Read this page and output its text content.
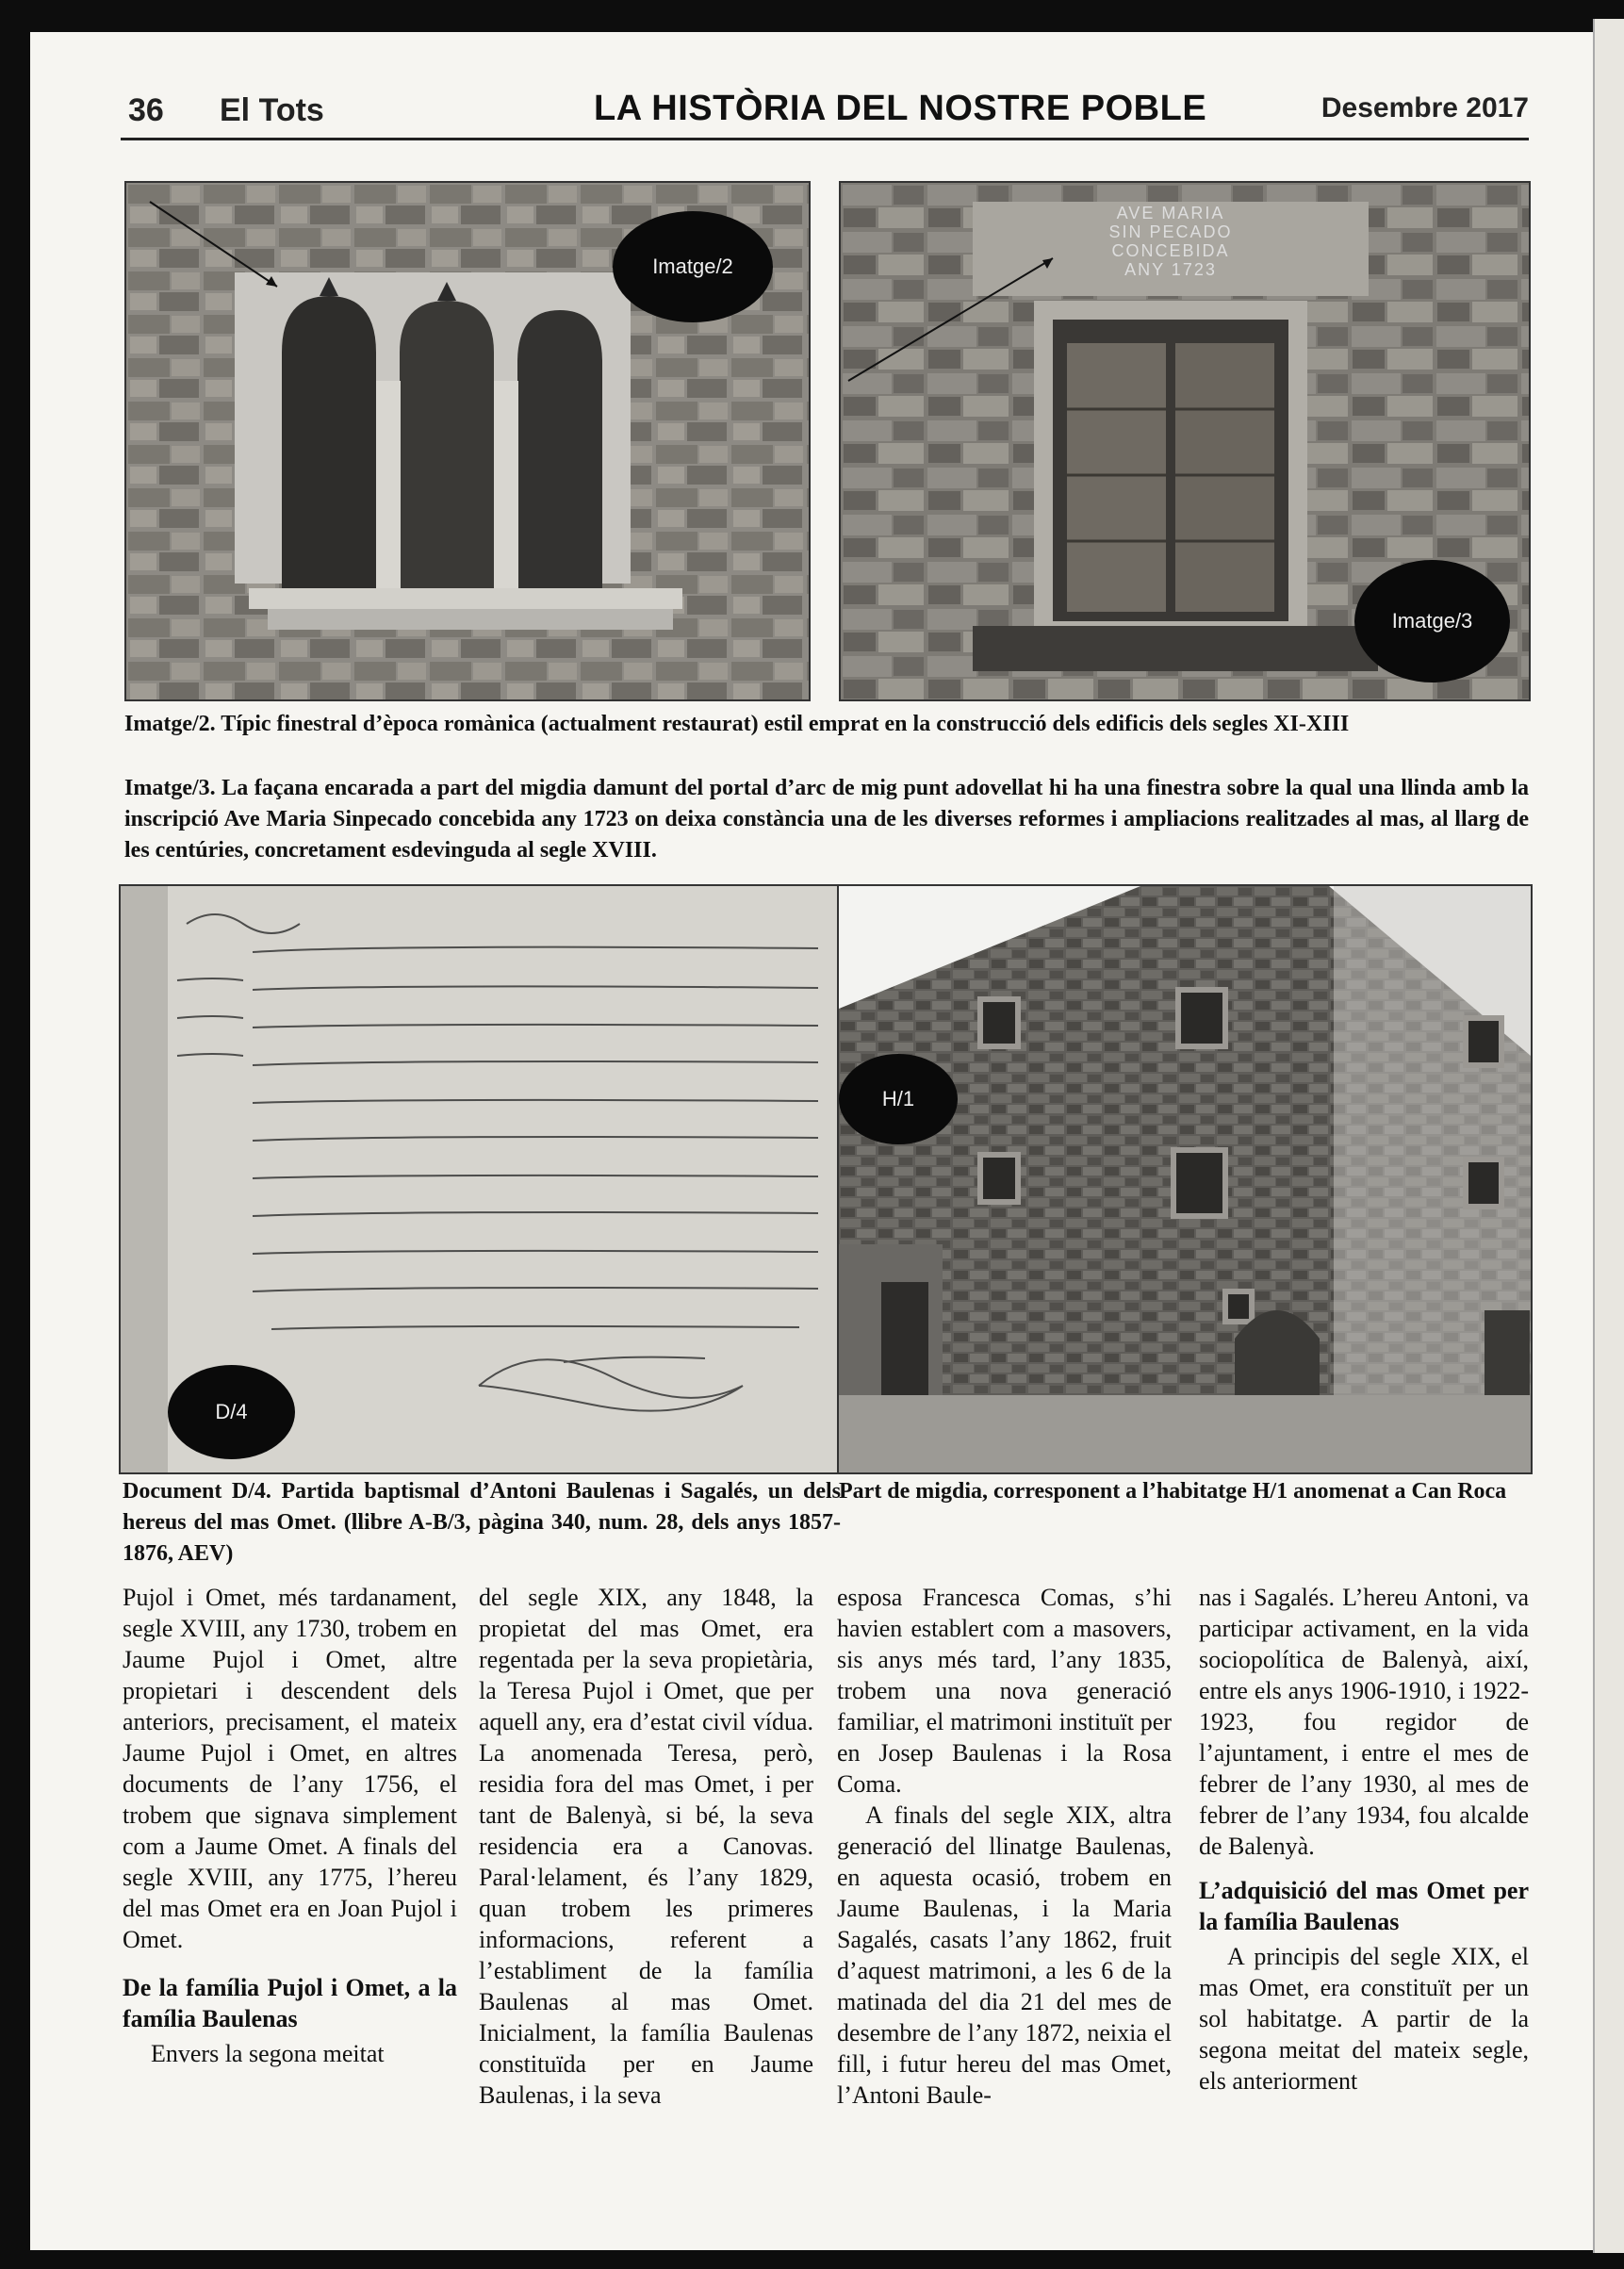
36 El Tots	LA HISTÒRIA DEL NOSTRE POBLE	Desembre 2017
Imatge/2
AVE MARIA
SIN PECADO
CONCEBIDA
ANY 1723
Imatge/3
Imatge/2. Típic finestral d’època romànica (actualment restaurat) estil emprat en la construcció dels edificis dels segles XI-XIII
Imatge/3. La façana encarada a part del migdia damunt del portal d’arc de mig punt adovellat hi ha una finestra sobre la qual una llinda amb la inscripció Ave Maria Sinpecado concebida any 1723 on deixa constància una de les diverses reformes i ampliacions realitzades al mas, al llarg de les centúries, concretament esdevinguda al segle XVIII.
D/4
H/1
Document D/4. Partida baptismal d’Antoni Baulenas i Sagalés, un dels hereus del mas Omet. (llibre A-B/3, pàgina 340, num. 28, dels anys 1857-1876, AEV)
Part de migdia, corresponent a l’habitatge H/1 anomenat a Can Roca

Pujol i Omet, més tardanament, segle XVIII, any 1730, trobem en Jaume Pujol i Omet, altre propietari i descendent dels anteriors, precisament, el mateix Jaume Pujol i Omet, en altres documents de l’any 1756, el trobem que signava simplement com a Jaume Omet. A finals del segle XVIII, any 1775, l’hereu del mas Omet era en Joan Pujol i Omet.

De la família Pujol i Omet, a la família Baulenas

Envers la segona meitat

del segle XIX, any 1848, la propietat del mas Omet, era regentada per la seva propietària, la Teresa Pujol i Omet, que per aquell any, era d’estat civil vídua. La anomenada Teresa, però, residia fora del mas Omet, i per tant de Balenyà, si bé, la seva residencia era a Canovas. Paral·lelament, és l’any 1829, quan trobem les primeres informacions, referent a l’establiment de la família Baulenas al mas Omet. Inicialment, la família Baulenas constituïda per en Jaume Baulenas, i la seva

esposa Francesca Comas, s’hi havien establert com a masovers, sis anys més tard, l’any 1835, trobem una nova generació familiar, el matrimoni instituït per en Josep Baulenas i la Rosa Coma.

A finals del segle XIX, altra generació del llinatge Baulenas, en aquesta ocasió, trobem en Jaume Baulenas, i la Maria Sagalés, casats l’any 1862, fruit d’aquest matrimoni, a les 6 de la matinada del dia 21 del mes de desembre de l’any 1872, neixia el fill, i futur hereu del mas Omet, l’Antoni Baule-

nas i Sagalés. L’hereu Antoni, va participar activament, en la vida sociopolítica de Balenyà, així, entre els anys 1906-1910, i 1922-1923, fou regidor de l’ajuntament, i entre el mes de febrer de l’any 1930, al mes de febrer de l’any 1934, fou alcalde de Balenyà.

L’adquisició del mas Omet per la família Baulenas

A principis del segle XIX, el mas Omet, era constituït per un sol habitatge. A partir de la segona meitat del mateix segle, els anteriorment
